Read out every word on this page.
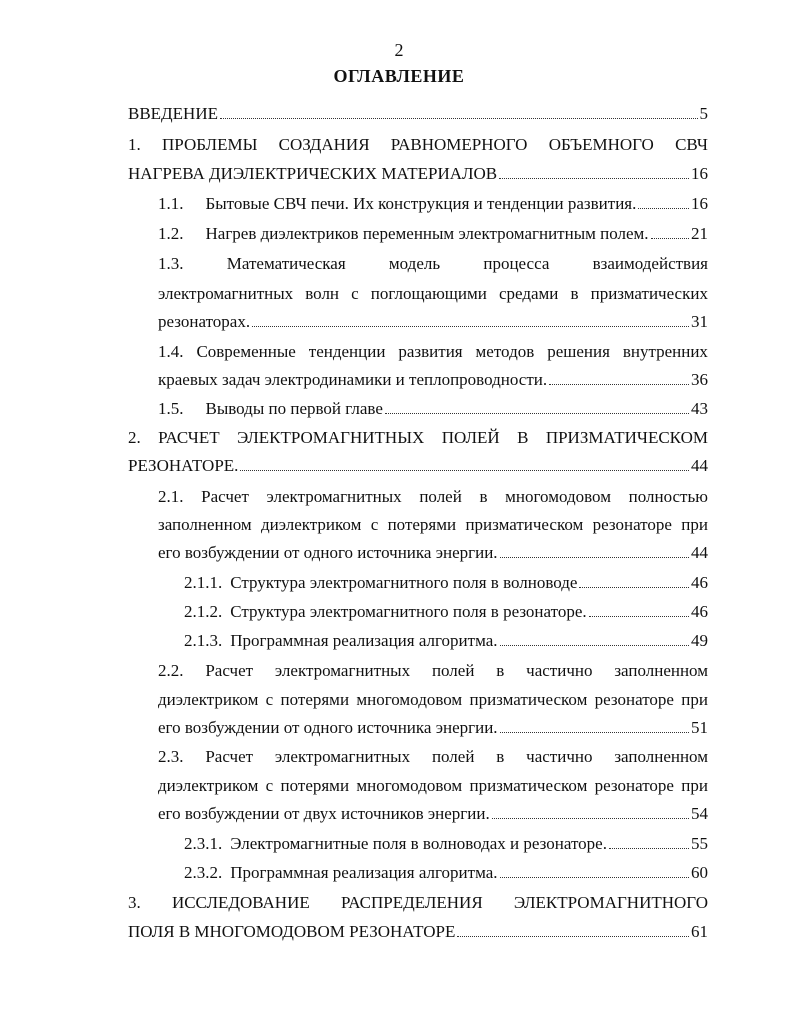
2
ОГЛАВЛЕНИЕ
ВВЕДЕНИЕ	5
1. ПРОБЛЕМЫ СОЗДАНИЯ РАВНОМЕРНОГО ОБЪЕМНОГО СВЧ
НАГРЕВА ДИЭЛЕКТРИЧЕСКИХ МАТЕРИАЛОВ	16
1.1. Бытовые СВЧ печи. Их конструкция и тенденции развития.	16
1.2. Нагрев диэлектриков переменным электромагнитным полем. 21
1.3.	Математическая	модель	процесса	взаимодействия
электромагнитных волн с поглощающими средами в призматических
резонаторах.	31
1.4. Современные тенденции развития методов решения внутренних
краевых задач электродинамики и теплопроводности.	36
1.5. Выводы по первой главе	43
2. РАСЧЕТ ЭЛЕКТРОМАГНИТНЫХ ПОЛЕЙ В ПРИЗМАТИЧЕСКОМ
РЕЗОНАТОРЕ.	44
2.1. Расчет электромагнитных полей в многомодовом полностью
заполненном диэлектриком с потерями призматическом резонаторе при
его возбуждении от одного источника энергии.	44
2.1.1. Структура электромагнитного поля в волноводе	46
2.1.2. Структура электромагнитного поля в резонаторе.	46
2.1.3. Программная реализация алгоритма.	49
2.2. Расчет электромагнитных полей в частично заполненном
диэлектриком с потерями многомодовом призматическом резонаторе при
его возбуждении от одного источника энергии.	51
2.3. Расчет электромагнитных полей в частично заполненном
диэлектриком с потерями многомодовом призматическом резонаторе при
его возбуждении от двух источников энергии.	54
2.3.1. Электромагнитные поля в волноводах и резонаторе.	55
2.3.2. Программная реализация алгоритма.	60
3. ИССЛЕДОВАНИЕ РАСПРЕДЕЛЕНИЯ ЭЛЕКТРОМАГНИТНОГО
ПОЛЯ В МНОГОМОДОВОМ РЕЗОНАТОРЕ	61
